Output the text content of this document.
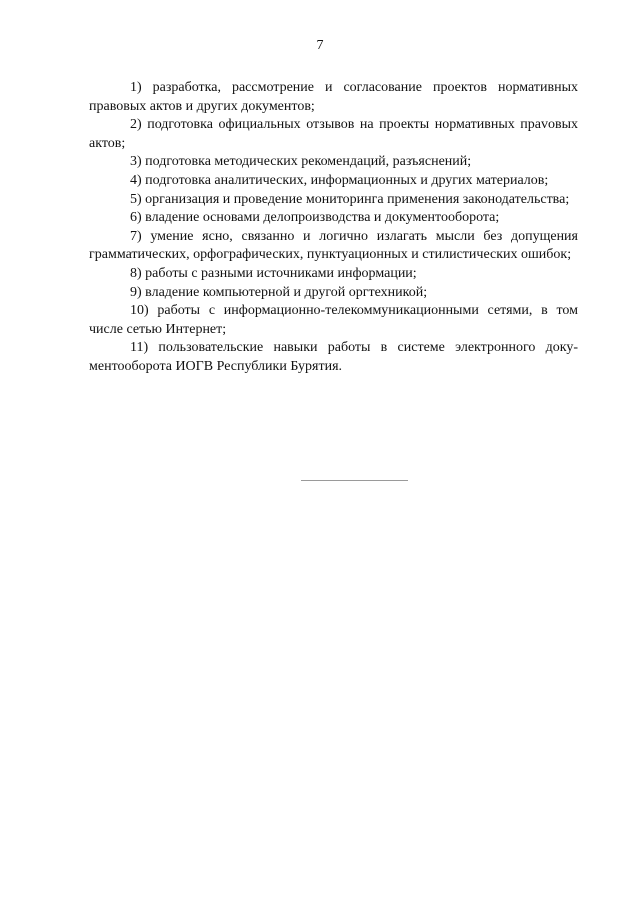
7

1) разработка, рассмотрение и согласование проектов нормативных правовых актов и других документов;

2) подготовка официальных отзывов на проекты нормативных праvовых актов;

3) подготовка методических рекомендаций, разъяснений;

4) подготовка аналитических, информационных и других материалов;

5) организация и проведение мониторинга применения законодательства;

6) владение основами делопроизводства и документооборота;

7) умение ясно, связанно и логично излагать мысли без допущения грамматических, орфографических, пунктуационных и стилистических ошибок;

8) работы с разными источниками информации;

9) владение компьютерной и другой оргтехникой;

10) работы с информационно-телекоммуникационными сетями, в том числе сетью Интернет;

11) пользовательские навыки работы в системе электронного документооборота ИОГВ Республики Бурятия.
